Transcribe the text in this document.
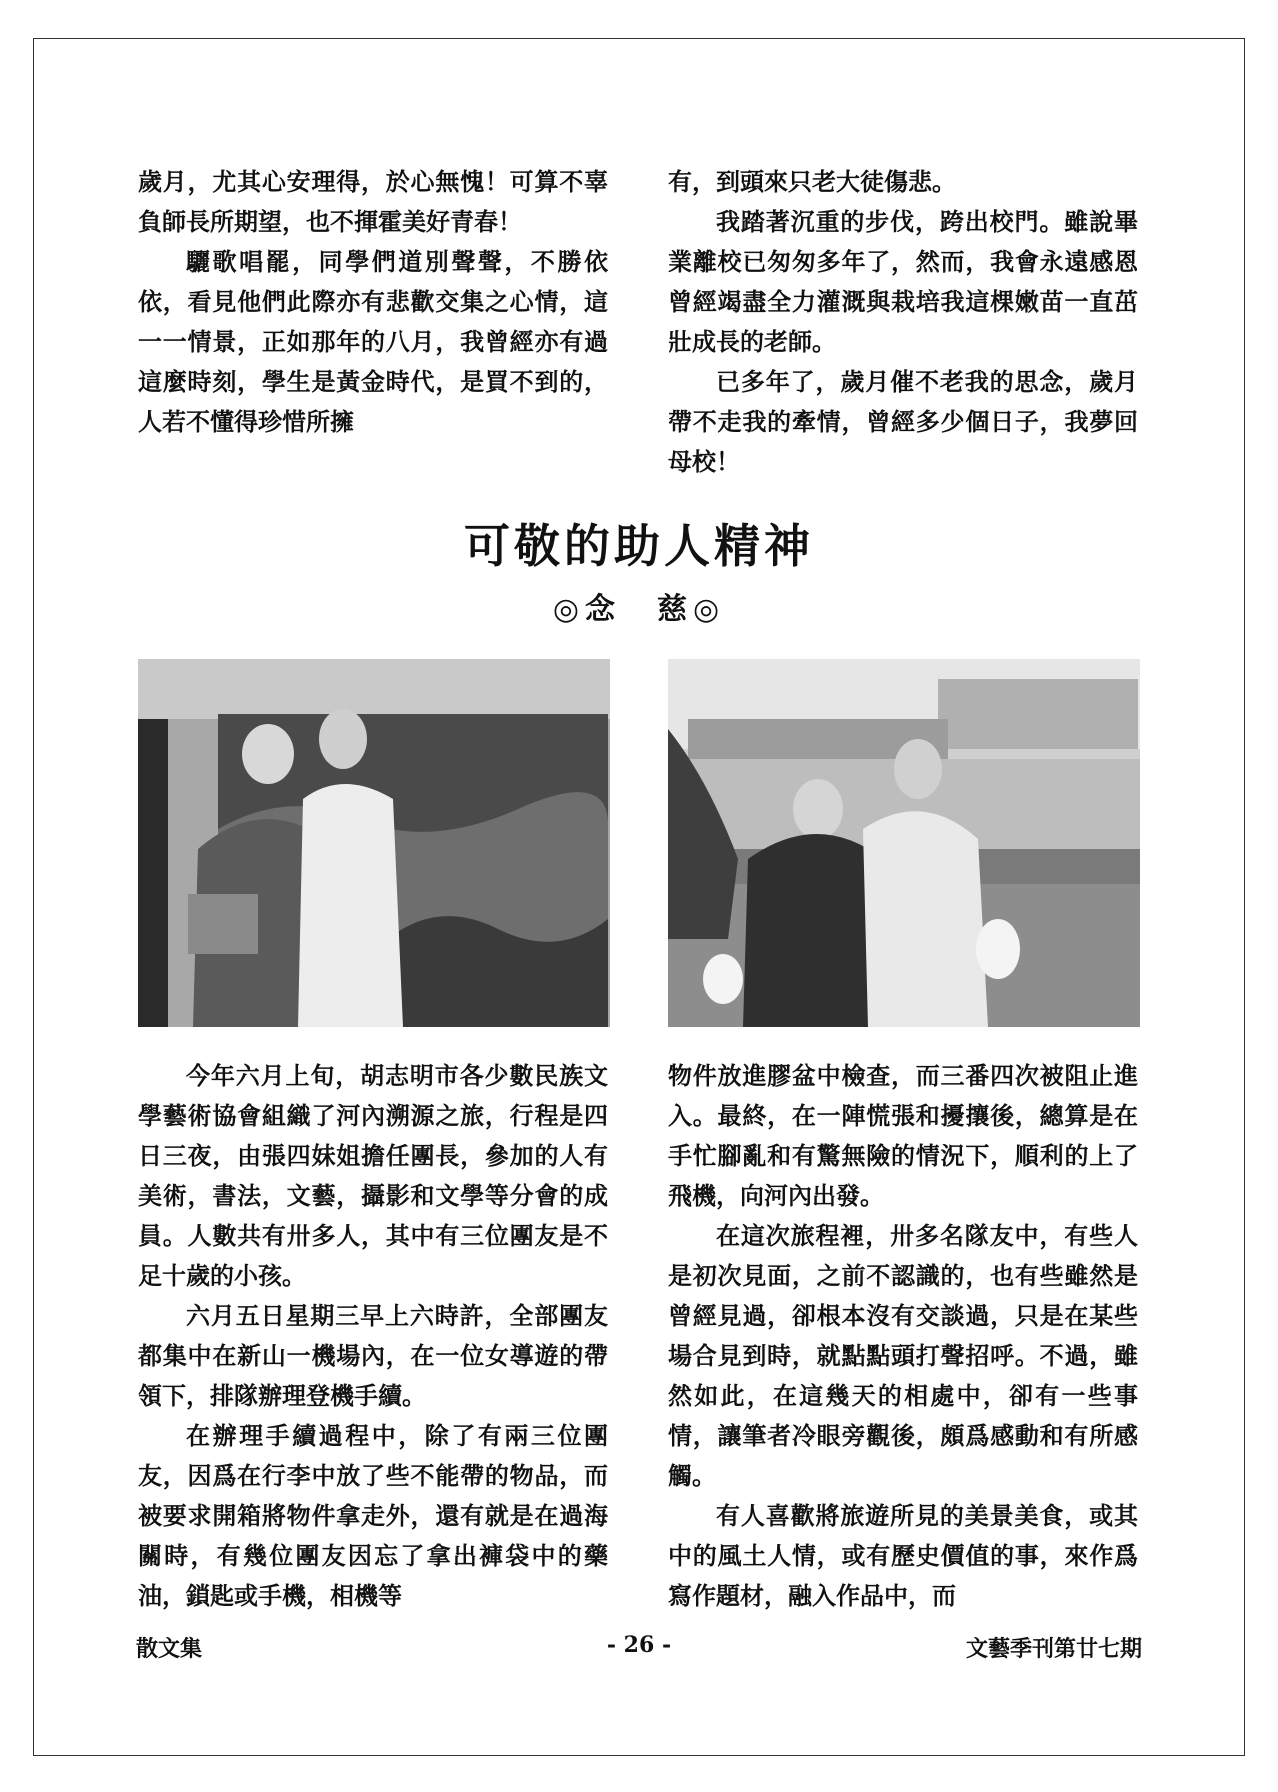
歲月，尤其心安理得，於心無愧！可算不辜負師長所期望，也不揮霍美好青春！

驪歌唱罷，同學們道別聲聲，不勝依依，看見他們此際亦有悲歡交集之心情，這一一情景，正如那年的八月，我曾經亦有過這麼時刻，學生是黃金時代，是買不到的，人若不懂得珍惜所擁

有，到頭來只老大徒傷悲。

我踏著沉重的步伐，跨出校門。雖說畢業離校已匆匆多年了，然而，我會永遠感恩曾經竭盡全力灌溉與栽培我這棵嫩苗一直茁壯成長的老師。

已多年了，歲月催不老我的思念，歲月帶不走我的牽情，曾經多少個日子，我夢回母校！

可敬的助人精神
◎念　慈◎

今年六月上旬，胡志明市各少數民族文學藝術協會組織了河內溯源之旅，行程是四日三夜，由張四妹姐擔任團長，參加的人有美術，書法，文藝，攝影和文學等分會的成員。人數共有卅多人，其中有三位團友是不足十歲的小孩。

六月五日星期三早上六時許，全部團友都集中在新山一機場內，在一位女導遊的帶領下，排隊辦理登機手續。

在辦理手續過程中，除了有兩三位團友，因爲在行李中放了些不能帶的物品，而被要求開箱將物件拿走外，還有就是在過海關時，有幾位團友因忘了拿出褲袋中的藥油，鎖匙或手機，相機等

物件放進膠盆中檢查，而三番四次被阻止進入。最終，在一陣慌張和擾攘後，總算是在手忙腳亂和有驚無險的情況下，順利的上了飛機，向河內出發。

在這次旅程裡，卅多名隊友中，有些人是初次見面，之前不認識的，也有些雖然是曾經見過，卻根本沒有交談過，只是在某些場合見到時，就點點頭打聲招呼。不過，雖然如此，在這幾天的相處中，卻有一些事情，讓筆者冷眼旁觀後，頗爲感動和有所感觸。

有人喜歡將旅遊所見的美景美食，或其中的風土人情，或有歷史價值的事，來作爲寫作題材，融入作品中，而

散文集	- 26 -	文藝季刊第廿七期
